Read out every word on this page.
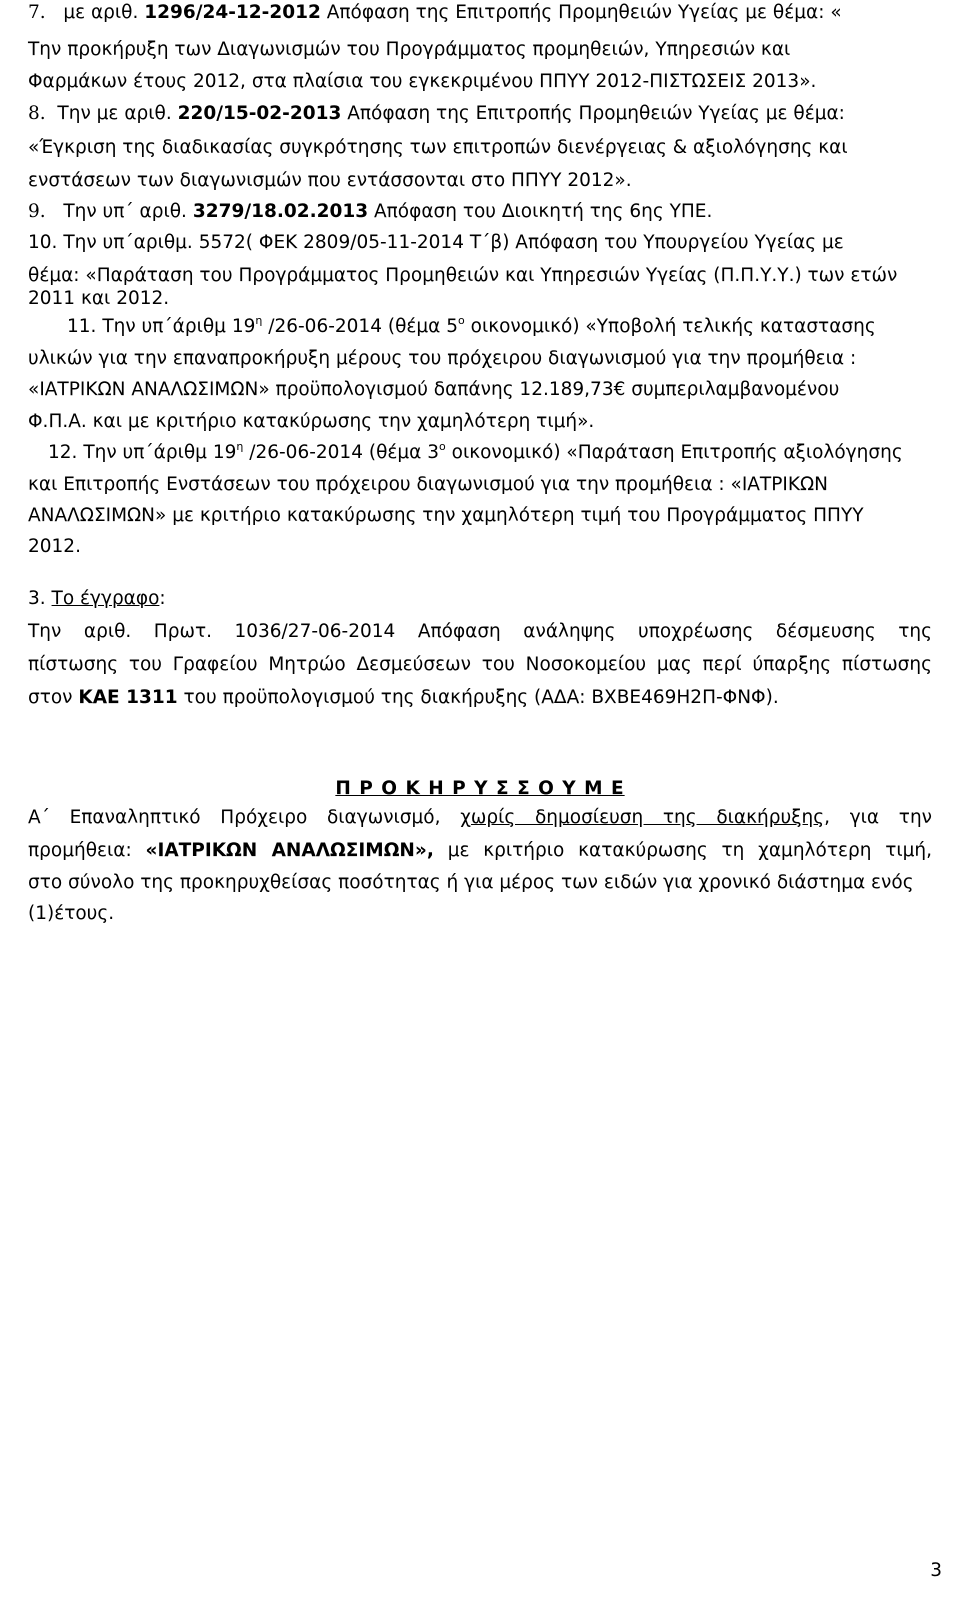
7. με αριθ. 1296/24-12-2012 Απόφαση της Επιτροπής Προμηθειών Υγείας με θέμα: «
Την προκήρυξη των Διαγωνισμών του Προγράμματος προμηθειών, Υπηρεσιών και
Φαρμάκων έτους 2012, στα πλαίσια του εγκεκριμένου ΠΠΥΥ 2012-ΠΙΣΤΩΣΕΙΣ 2013».
8. Την με αριθ. 220/15-02-2013 Απόφαση της Επιτροπής Προμηθειών Υγείας με θέμα:
«Έγκριση της διαδικασίας συγκρότησης των επιτροπών διενέργειας & αξιολόγησης και
ενστάσεων των διαγωνισμών που εντάσσονται στο ΠΠΥΥ 2012».
9. Την υπ΄ αριθ. 3279/18.02.2013 Απόφαση του Διοικητή της 6ης ΥΠΕ.
10. Την υπ΄αριθμ. 5572( ΦΕΚ 2809/05-11-2014 Τ΄β) Απόφαση του Υπουργείου Υγείας με
θέμα: «Παράταση του Προγράμματος Προμηθειών και Υπηρεσιών Υγείας (Π.Π.Υ.Υ.) των ετών
2011 και 2012.
11. Την υπ΄άριθμ $19^\eta$ /26-06-2014 (θέμα $5^o$ οικονομικό) «Υποβολή τελικής καταστασης
υλικών για την επαναπροκήρυξη μέρους του πρόχειρου διαγωνισμού για την προμήθεια :
«ΙΑΤΡΙΚΩΝ ΑΝΑΛΩΣΙΜΩΝ» προϋπολογισμού δαπάνης 12.189,73€ συμπεριλαμβανομένου
Φ.Π.Α. και με κριτήριο κατακύρωσης την χαμηλότερη τιμή».
12. Την υπ΄άριθμ $19^\eta$ /26-06-2014 (θέμα $3^o$ οικονομικό) «Παράταση Επιτροπής αξιολόγησης
και Επιτροπής Ενστάσεων του πρόχειρου διαγωνισμού για την προμήθεια : «ΙΑΤΡΙΚΩΝ
ΑΝΑΛΩΣΙΜΩΝ» με κριτήριο κατακύρωσης την χαμηλότερη τιμή του Προγράμματος ΠΠΥΥ
2012.
3. Το έγγραφο:
Την αριθ. Πρωτ. 1036/27-06-2014 Απόφαση ανάληψης υποχρέωσης δέσμευσης της
πίστωσης του Γραφείου Μητρώο Δεσμεύσεων του Νοσοκομείου μας περί ύπαρξης πίστωσης
στον ΚΑΕ 1311 του προϋπολογισμού της διακήρυξης (ΑΔΑ: ΒΧΒΕ469Η2Π-ΦΝΦ).
Π Ρ Ο Κ Η Ρ Υ Σ Σ Ο Υ Μ Ε
Α΄ Επαναληπτικό Πρόχειρο διαγωνισμό, χωρίς δημοσίευση της διακήρυξης, για την
προμήθεια: «ΙΑΤΡΙΚΩΝ ΑΝΑΛΩΣΙΜΩΝ», με κριτήριο κατακύρωσης τη χαμηλότερη τιμή,
στο σύνολο της προκηρυχθείσας ποσότητας ή για μέρος των ειδών για χρονικό διάστημα ενός
(1)έτους.
3
